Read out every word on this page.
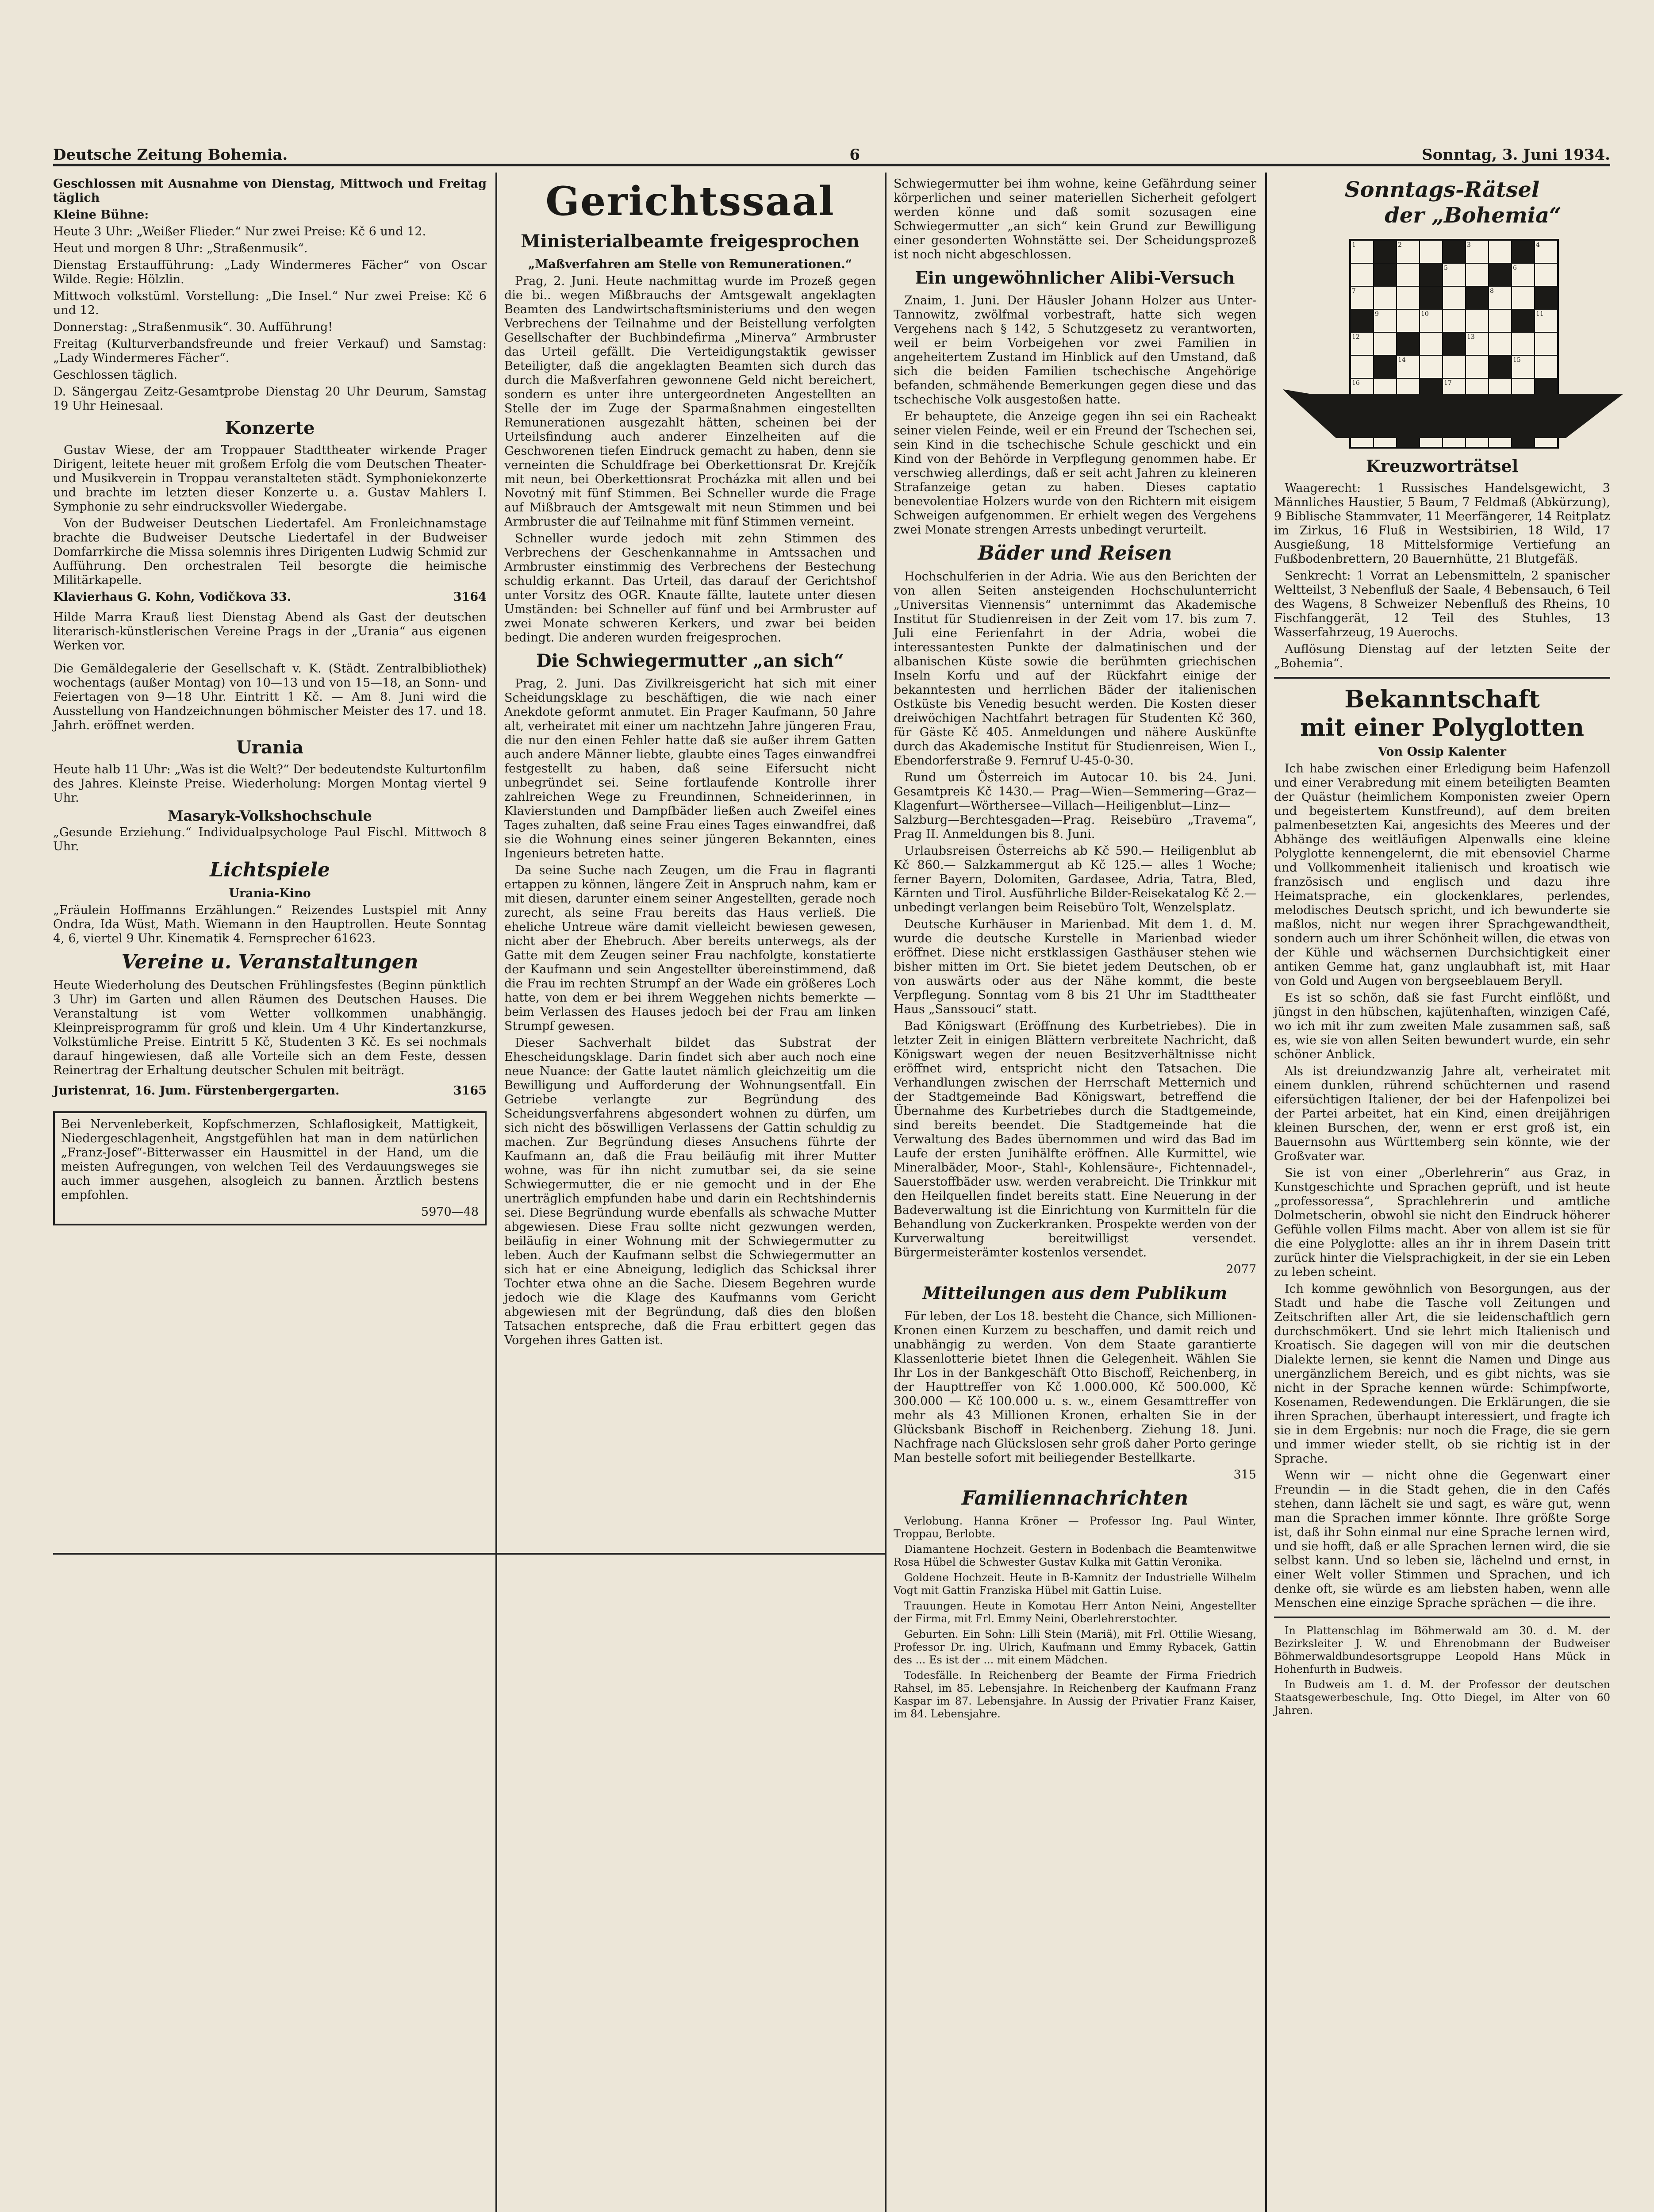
Deutsche Zeitung Bohemia.	6	Sonntag, 3. Juni 1934.

Geschlossen mit Ausnahme von Dienstag, Mittwoch und Freitag täglich

Kleine Bühne:

Heute 3 Uhr: „Weißer Flieder.“ Nur zwei Preise: Kč 6 und 12.

Heut und morgen 8 Uhr: „Straßenmusik“.

Dienstag Erstaufführung: „Lady Windermeres Fächer“ von Oscar Wilde. Regie: Hölzlin.

Mittwoch volkstüml. Vorstellung: „Die Insel.“ Nur zwei Preise: Kč 6 und 12.

Donnerstag: „Straßenmusik“. 30. Aufführung!

Freitag (Kulturverbandsfreunde und freier Verkauf) und Samstag: „Lady Windermeres Fächer“.

Geschlossen täglich.

D. Sängergau Zeitz-Gesamtprobe Dienstag 20 Uhr Deurum, Samstag 19 Uhr Heinesaal.

Konzerte

Gustav Wiese, der am Troppauer Stadttheater wirkende Prager Dirigent, leitete heuer mit großem Erfolg die vom Deutschen Theater- und Musikverein in Troppau veranstalteten städt. Symphoniekonzerte und brachte im letzten dieser Konzerte u. a. Gustav Mahlers I. Symphonie zu sehr eindrucksvoller Wiedergabe.

Von der Budweiser Deutschen Liedertafel. Am Fronleichnamstage brachte die Budweiser Deutsche Liedertafel in der Budweiser Domfarrkirche die Missa solemnis ihres Dirigenten Ludwig Schmid zur Aufführung. Den orchestralen Teil besorgte die heimische Militärkapelle.

Klavierhaus G. Kohn, Vodičkova 33.	3164

Hilde Marra Krauß liest Dienstag Abend als Gast der deutschen literarisch-künstlerischen Vereine Prags in der „Urania“ aus eigenen Werken vor.

Die Gemäldegalerie der Gesellschaft v. K. (Städt. Zentralbibliothek) wochentags (außer Montag) von 10—13 und von 15—18, an Sonn- und Feiertagen von 9—18 Uhr. Eintritt 1 Kč. — Am 8. Juni wird die Ausstellung von Handzeichnungen böhmischer Meister des 17. und 18. Jahrh. eröffnet werden.

Urania

Heute halb 11 Uhr: „Was ist die Welt?“ Der bedeutendste Kulturtonfilm des Jahres. Kleinste Preise. Wiederholung: Morgen Montag viertel 9 Uhr.

Masaryk-Volkshochschule

„Gesunde Erziehung.“ Individualpsychologe Paul Fischl. Mittwoch 8 Uhr.

Lichtspiele
Urania-Kino

„Fräulein Hoffmanns Erzählungen.“ Reizendes Lustspiel mit Anny Ondra, Ida Wüst, Math. Wiemann in den Hauptrollen. Heute Sonntag 4, 6, viertel 9 Uhr. Kinematik 4. Fernsprecher 61623.

Vereine u. Veranstaltungen

Heute Wiederholung des Deutschen Frühlingsfestes (Beginn pünktlich 3 Uhr) im Garten und allen Räumen des Deutschen Hauses. Die Veranstaltung ist vom Wetter vollkommen unabhängig. Kleinpreisprogramm für groß und klein. Um 4 Uhr Kindertanzkurse, Volkstümliche Preise. Eintritt 5 Kč, Studenten 3 Kč. Es sei nochmals darauf hingewiesen, daß alle Vorteile sich an dem Feste, dessen Reinertrag der Erhaltung deutscher Schulen mit beiträgt.

Juristenrat, 16. Jum. Fürstenbergergarten.	3165

Bei Nervenleberkeit, Kopfschmerzen, Schlaflosigkeit, Mattigkeit, Niedergeschlagenheit, Angstgefühlen hat man in dem natürlichen „Franz-Josef“-Bitterwasser ein Hausmittel in der Hand, um die meisten Aufregungen, von welchen Teil des Verdauungsweges sie auch immer ausgehen, alsogleich zu bannen. Ärztlich bestens empfohlen.

5970—48
Gerichtssaal
Ministerialbeamte freigesprochen
„Maßverfahren am Stelle von Remunerationen.“

Prag, 2. Juni. Heute nachmittag wurde im Prozeß gegen die bi.. wegen Mißbrauchs der Amtsgewalt angeklagten Beamten des Landwirtschaftsministeriums und den wegen Verbrechens der Teilnahme und der Beistellung verfolgten Gesellschafter der Buchbindefirma „Minerva“ Armbruster das Urteil gefällt. Die Verteidigungstaktik gewisser Beteiligter, daß die angeklagten Beamten sich durch das durch die Maßverfahren gewonnene Geld nicht bereichert, sondern es unter ihre untergeordneten Angestellten an Stelle der im Zuge der Sparmaßnahmen eingestellten Remunerationen ausgezahlt hätten, scheinen bei der Urteilsfindung auch anderer Einzelheiten auf die Geschworenen tiefen Eindruck gemacht zu haben, denn sie verneinten die Schuldfrage bei Oberkettionsrat Dr. Krejčík mit neun, bei Oberkettionsrat Procházka mit allen und bei Novotný mit fünf Stimmen. Bei Schneller wurde die Frage auf Mißbrauch der Amtsgewalt mit neun Stimmen und bei Armbruster die auf Teilnahme mit fünf Stimmen verneint.

Schneller wurde jedoch mit zehn Stimmen des Verbrechens der Geschenkannahme in Amtssachen und Armbruster einstimmig des Verbrechens der Bestechung schuldig erkannt. Das Urteil, das darauf der Gerichtshof unter Vorsitz des OGR. Knaute fällte, lautete unter diesen Umständen: bei Schneller auf fünf und bei Armbruster auf zwei Monate schweren Kerkers, und zwar bei beiden bedingt. Die anderen wurden freigesprochen.

Die Schwiegermutter „an sich“

Prag, 2. Juni. Das Zivilkreisgericht hat sich mit einer Scheidungsklage zu beschäftigen, die wie nach einer Anekdote geformt anmutet. Ein Prager Kaufmann, 50 Jahre alt, verheiratet mit einer um nachtzehn Jahre jüngeren Frau, die nur den einen Fehler hatte daß sie außer ihrem Gatten auch andere Männer liebte, glaubte eines Tages einwandfrei festgestellt zu haben, daß seine Eifersucht nicht unbegründet sei. Seine fortlaufende Kontrolle ihrer zahlreichen Wege zu Freundinnen, Schneiderinnen, in Klavierstunden und Dampfbäder ließen auch Zweifel eines Tages zuhalten, daß seine Frau eines Tages einwandfrei, daß sie die Wohnung eines seiner jüngeren Bekannten, eines Ingenieurs betreten hatte.

Da seine Suche nach Zeugen, um die Frau in flagranti ertappen zu können, längere Zeit in Anspruch nahm, kam er mit diesen, darunter einem seiner Angestellten, gerade noch zurecht, als seine Frau bereits das Haus verließ. Die eheliche Untreue wäre damit vielleicht bewiesen gewesen, nicht aber der Ehebruch. Aber bereits unterwegs, als der Gatte mit dem Zeugen seiner Frau nachfolgte, konstatierte der Kaufmann und sein Angestellter übereinstimmend, daß die Frau im rechten Strumpf an der Wade ein größeres Loch hatte, von dem er bei ihrem Weggehen nichts bemerkte — beim Verlassen des Hauses jedoch bei der Frau am linken Strumpf gewesen.

Dieser Sachverhalt bildet das Substrat der Ehescheidungsklage. Darin findet sich aber auch noch eine neue Nuance: der Gatte lautet nämlich gleichzeitig um die Bewilligung und Aufforderung der Wohnungsentfall. Ein Getriebe verlangte zur Begründung des Scheidungsverfahrens abgesondert wohnen zu dürfen, um sich nicht des böswilligen Verlassens der Gattin schuldig zu machen. Zur Begründung dieses Ansuchens führte der Kaufmann an, daß die Frau beiläufig mit ihrer Mutter wohne, was für ihn nicht zumutbar sei, da sie seine Schwiegermutter, die er nie gemocht und in der Ehe unerträglich empfunden habe und darin ein Rechtshindernis sei. Diese Begründung wurde ebenfalls als schwache Mutter abgewiesen. Diese Frau sollte nicht gezwungen werden, beiläufig in einer Wohnung mit der Schwiegermutter zu leben. Auch der Kaufmann selbst die Schwiegermutter an sich hat er eine Abneigung, lediglich das Schicksal ihrer Tochter etwa ohne an die Sache. Diesem Begehren wurde jedoch wie die Klage des Kaufmanns vom Gericht abgewiesen mit der Begründung, daß dies den bloßen Tatsachen entspreche, daß die Frau erbittert gegen das Vorgehen ihres Gatten ist.

Schwiegermutter bei ihm wohne, keine Gefährdung seiner körperlichen und seiner materiellen Sicherheit gefolgert werden könne und daß somit sozusagen eine Schwiegermutter „an sich“ kein Grund zur Bewilligung einer gesonderten Wohnstätte sei. Der Scheidungsprozeß ist noch nicht abgeschlossen.

Ein ungewöhnlicher Alibi-Versuch

Znaim, 1. Juni. Der Häusler Johann Holzer aus Unter-Tannowitz, zwölfmal vorbestraft, hatte sich wegen Vergehens nach § 142, 5 Schutzgesetz zu verantworten, weil er beim Vorbeigehen vor zwei Familien in angeheitertem Zustand im Hinblick auf den Umstand, daß sich die beiden Familien tschechische Angehörige befanden, schmähende Bemerkungen gegen diese und das tschechische Volk ausgestoßen hatte.

Er behauptete, die Anzeige gegen ihn sei ein Racheakt seiner vielen Feinde, weil er ein Freund der Tschechen sei, sein Kind in die tschechische Schule geschickt und ein Kind von der Behörde in Verpflegung genommen habe. Er verschwieg allerdings, daß er seit acht Jahren zu kleineren Strafanzeige getan zu haben. Dieses captatio benevolentiae Holzers wurde von den Richtern mit eisigem Schweigen aufgenommen. Er erhielt wegen des Vergehens zwei Monate strengen Arrests unbedingt verurteilt.

Bäder und Reisen

Hochschulferien in der Adria. Wie aus den Berichten der von allen Seiten ansteigenden Hochschulunterricht „Universitas Viennensis“ unternimmt das Akademische Institut für Studienreisen in der Zeit vom 17. bis zum 7. Juli eine Ferienfahrt in der Adria, wobei die interessantesten Punkte der dalmatinischen und der albanischen Küste sowie die berühmten griechischen Inseln Korfu und auf der Rückfahrt einige der bekanntesten und herrlichen Bäder der italienischen Ostküste bis Venedig besucht werden. Die Kosten dieser dreiwöchigen Nachtfahrt betragen für Studenten Kč 360, für Gäste Kč 405. Anmeldungen und nähere Auskünfte durch das Akademische Institut für Studienreisen, Wien I., Ebendorferstraße 9. Fernruf U-45-0-30.

Rund um Österreich im Autocar 10. bis 24. Juni. Gesamtpreis Kč 1430.— Prag—Wien—Semmering—Graz—Klagenfurt—Wörthersee—Villach—Heiligenblut—Linz—Salzburg—Berchtesgaden—Prag. Reisebüro „Travema“, Prag II. Anmeldungen bis 8. Juni.

Urlaubsreisen Österreichs ab Kč 590.— Heiligenblut ab Kč 860.— Salzkammergut ab Kč 125.— alles 1 Woche; ferner Bayern, Dolomiten, Gardasee, Adria, Tatra, Bled, Kärnten und Tirol. Ausführliche Bilder-Reisekatalog Kč 2.— unbedingt verlangen beim Reisebüro Tolt, Wenzelsplatz.

Deutsche Kurhäuser in Marienbad. Mit dem 1. d. M. wurde die deutsche Kurstelle in Marienbad wieder eröffnet. Diese nicht erstklassigen Gasthäuser stehen wie bisher mitten im Ort. Sie bietet jedem Deutschen, ob er von auswärts oder aus der Nähe kommt, die beste Verpflegung. Sonntag vom 8 bis 21 Uhr im Stadttheater Haus „Sanssouci“ statt.

Bad Königswart (Eröffnung des Kurbetriebes). Die in letzter Zeit in einigen Blättern verbreitete Nachricht, daß Königswart wegen der neuen Besitzverhältnisse nicht eröffnet wird, entspricht nicht den Tatsachen. Die Verhandlungen zwischen der Herrschaft Metternich und der Stadtgemeinde Bad Königswart, betreffend die Übernahme des Kurbetriebes durch die Stadtgemeinde, sind bereits beendet. Die Stadtgemeinde hat die Verwaltung des Bades übernommen und wird das Bad im Laufe der ersten Junihälfte eröffnen. Alle Kurmittel, wie Mineralbäder, Moor-, Stahl-, Kohlensäure-, Fichtennadel-, Sauerstoffbäder usw. werden verabreicht. Die Trinkkur mit den Heilquellen findet bereits statt. Eine Neuerung in der Badeverwaltung ist die Einrichtung von Kurmitteln für die Behandlung von Zuckerkranken. Prospekte werden von der Kurverwaltung bereitwilligst versendet. Bürgermeisterämter kostenlos versendet.

2077
Mitteilungen aus dem Publikum

Für leben, der Los 18. besteht die Chance, sich Millionen-Kronen einen Kurzem zu beschaffen, und damit reich und unabhängig zu werden. Von dem Staate garantierte Klassenlotterie bietet Ihnen die Gelegenheit. Wählen Sie Ihr Los in der Bankgeschäft Otto Bischoff, Reichenberg, in der Haupttreffer von Kč 1.000.000, Kč 500.000, Kč 300.000 — Kč 100.000 u. s. w., einem Gesamttreffer von mehr als 43 Millionen Kronen, erhalten Sie in der Glücksbank Bischoff in Reichenberg. Ziehung 18. Juni. Nachfrage nach Glückslosen sehr groß daher Porto geringe Man bestelle sofort mit beiliegender Bestellkarte.

315
Familiennachrichten

Verlobung. Hanna Kröner — Professor Ing. Paul Winter, Troppau, Berlobte.

Diamantene Hochzeit. Gestern in Bodenbach die Beamtenwitwe Rosa Hübel die Schwester Gustav Kulka mit Gattin Veronika.

Goldene Hochzeit. Heute in B-Kamnitz der Industrielle Wilhelm Vogt mit Gattin Franziska Hübel mit Gattin Luise.

Trauungen. Heute in Komotau Herr Anton Neini, Angestellter der Firma, mit Frl. Emmy Neini, Oberlehrerstochter.

Geburten. Ein Sohn: Lilli Stein (Mariä), mit Frl. Ottilie Wiesang, Professor Dr. ing. Ulrich, Kaufmann und Emmy Rybacek, Gattin des ... Es ist der ... mit einem Mädchen.

Todesfälle. In Reichenberg der Beamte der Firma Friedrich Rahsel, im 85. Lebensjahre. In Reichenberg der Kaufmann Franz Kaspar im 87. Lebensjahre. In Aussig der Privatier Franz Kaiser, im 84. Lebensjahre.

Sonntags-Rätsel
der „Bohemia“
1	2	3	4
5	6
7	8
9	10	11
12	13
14	15
16	17
Kreuzworträtsel

Waagerecht: 1 Russisches Handelsgewicht, 3 Männliches Haustier, 5 Baum, 7 Feldmaß (Abkürzung), 9 Biblische Stammvater, 11 Meerfängerer, 14 Reitplatz im Zirkus, 16 Fluß in Westsibirien, 18 Wild, 17 Ausgießung, 18 Mittelsformige Vertiefung an Fußbodenbrettern, 20 Bauernhütte, 21 Blutgefäß.

Senkrecht: 1 Vorrat an Lebensmitteln, 2 spanischer Weltteilst, 3 Nebenfluß der Saale, 4 Bebensauch, 6 Teil des Wagens, 8 Schweizer Nebenfluß des Rheins, 10 Fischfanggerät, 12 Teil des Stuhles, 13 Wasserfahrzeug, 19 Auerochs.

Auflösung Dienstag auf der letzten Seite der „Bohemia“.

Bekanntschaft
mit einer Polyglotten
Von Ossip Kalenter

Ich habe zwischen einer Erledigung beim Hafenzoll und einer Verabredung mit einem beteiligten Beamten der Quästur (heimlichem Komponisten zweier Opern und begeistertem Kunstfreund), auf dem breiten palmenbesetzten Kai, angesichts des Meeres und der Abhänge des weitläufigen Alpenwalls eine kleine Polyglotte kennengelernt, die mit ebensoviel Charme und Vollkommenheit italienisch und kroatisch wie französisch und englisch und dazu ihre Heimatsprache, ein glockenklares, perlendes, melodisches Deutsch spricht, und ich bewunderte sie maßlos, nicht nur wegen ihrer Sprachgewandtheit, sondern auch um ihrer Schönheit willen, die etwas von der Kühle und wächsernen Durchsichtigkeit einer antiken Gemme hat, ganz unglaubhaft ist, mit Haar von Gold und Augen von bergseeblauem Beryll.

Es ist so schön, daß sie fast Furcht einflößt, und jüngst in den hübschen, kajütenhaften, winzigen Café, wo ich mit ihr zum zweiten Male zusammen saß, saß es, wie sie von allen Seiten bewundert wurde, ein sehr schöner Anblick.

Als ist dreiundzwanzig Jahre alt, verheiratet mit einem dunklen, rührend schüchternen und rasend eifersüchtigen Italiener, der bei der Hafenpolizei bei der Partei arbeitet, hat ein Kind, einen dreijährigen kleinen Burschen, der, wenn er erst groß ist, ein Bauernsohn aus Württemberg sein könnte, wie der Großvater war.

Sie ist von einer „Oberlehrerin“ aus Graz, in Kunstgeschichte und Sprachen geprüft, und ist heute „professoressa“, Sprachlehrerin und amtliche Dolmetscherin, obwohl sie nicht den Eindruck höherer Gefühle vollen Films macht. Aber von allem ist sie für die eine Polyglotte: alles an ihr in ihrem Dasein tritt zurück hinter die Vielsprachigkeit, in der sie ein Leben zu leben scheint.

Ich komme gewöhnlich von Besorgungen, aus der Stadt und habe die Tasche voll Zeitungen und Zeitschriften aller Art, die sie leidenschaftlich gern durchschmökert. Und sie lehrt mich Italienisch und Kroatisch. Sie dagegen will von mir die deutschen Dialekte lernen, sie kennt die Namen und Dinge aus unergänzlichem Bereich, und es gibt nichts, was sie nicht in der Sprache kennen würde: Schimpfworte, Kosenamen, Redewendungen. Die Erklärungen, die sie ihren Sprachen, überhaupt interessiert, und fragte ich sie in dem Ergebnis: nur noch die Frage, die sie gern und immer wieder stellt, ob sie richtig ist in der Sprache.

Wenn wir — nicht ohne die Gegenwart einer Freundin — in die Stadt gehen, die in den Cafés stehen, dann lächelt sie und sagt, es wäre gut, wenn man die Sprachen immer könnte. Ihre größte Sorge ist, daß ihr Sohn einmal nur eine Sprache lernen wird, und sie hofft, daß er alle Sprachen lernen wird, die sie selbst kann. Und so leben sie, lächelnd und ernst, in einer Welt voller Stimmen und Sprachen, und ich denke oft, sie würde es am liebsten haben, wenn alle Menschen eine einzige Sprache sprächen — die ihre.

In Plattenschlag im Böhmerwald am 30. d. M. der Bezirksleiter J. W. und Ehrenobmann der Budweiser Böhmerwaldbundesortsgruppe Leopold Hans Mück in Hohenfurth in Budweis.

In Budweis am 1. d. M. der Professor der deutschen Staatsgewerbeschule, Ing. Otto Diegel, im Alter von 60 Jahren.
